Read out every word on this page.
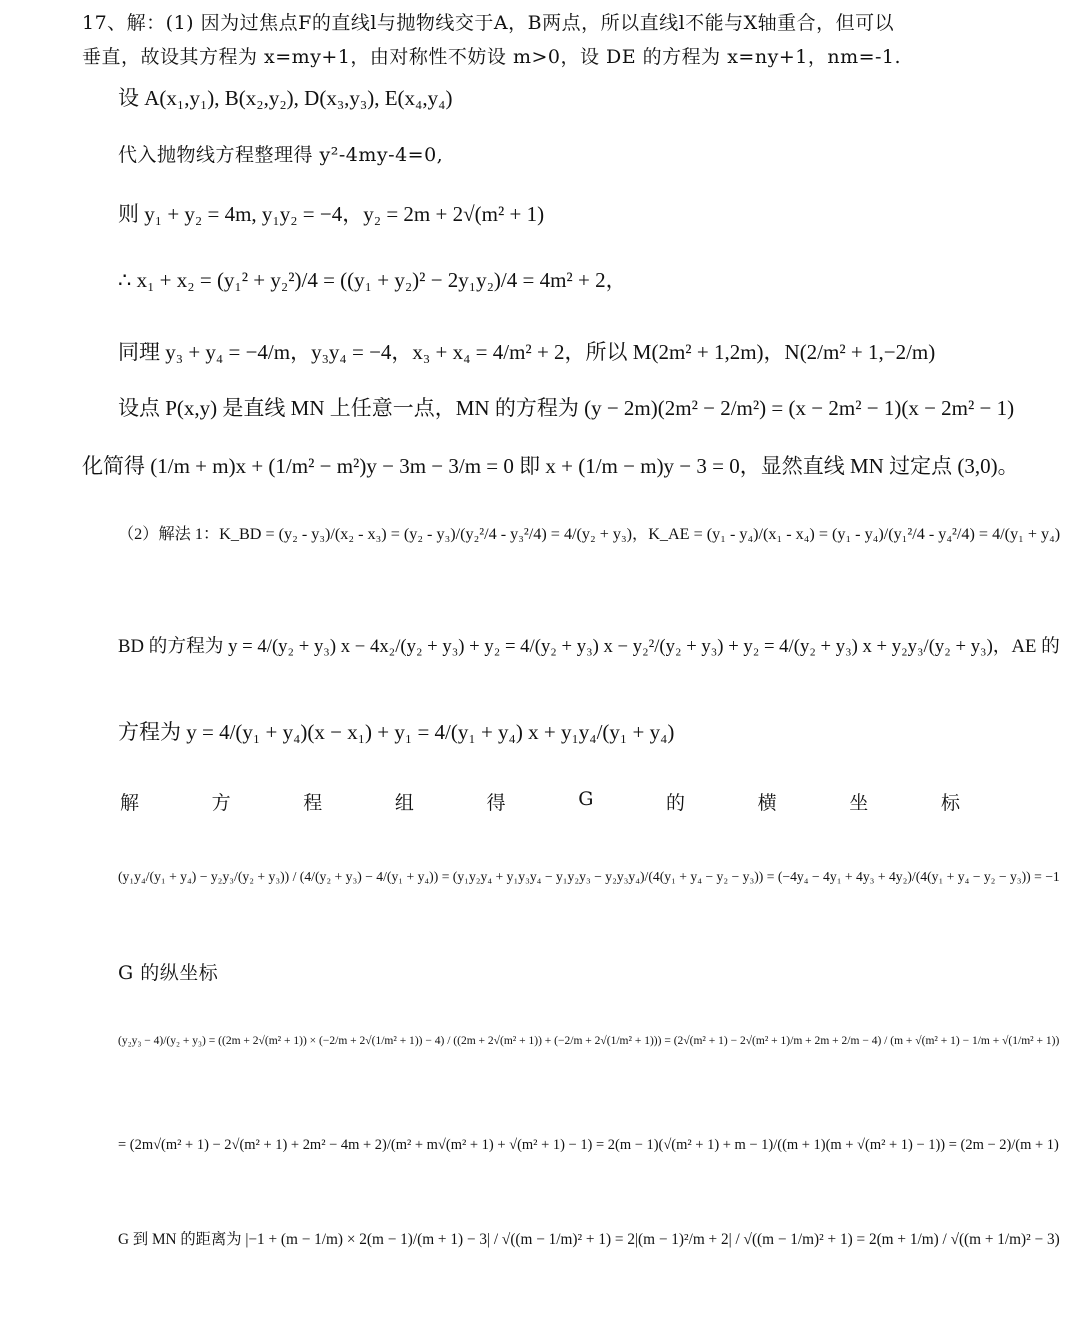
17、解：(1) 因为过焦点F的直线l与抛物线交于A，B两点，所以直线l不能与X轴重合，但可以
垂直，故设其方程为 x=my+1，由对称性不妨设 m>0，设 DE 的方程为 x=ny+1，nm=-1.
设 A(x₁,y₁), B(x₂,y₂), D(x₃,y₃), E(x₄,y₄)
代入抛物线方程整理得 y²-4my-4=0,
则 y₁ + y₂ = 4m, y₁y₂ = −4，y₂ = 2m + 2√(m² + 1)
∴ x₁ + x₂ = (y₁² + y₂²)/4 = ((y₁ + y₂)² − 2y₁y₂)/4 = 4m² + 2，
同理 y₃ + y₄ = −4/m，y₃y₄ = −4，x₃ + x₄ = 4/m² + 2，所以 M(2m² + 1,2m)，N(2/m² + 1,−2/m)
设点 P(x,y) 是直线 MN 上任意一点，MN 的方程为 (y − 2m)(2m² − 2/m²) = (x − 2m² − 1)(x − 2m² − 1)
化简得 (1/m + m)x + (1/m² − m²)y − 3m − 3/m = 0 即 x + (1/m − m)y − 3 = 0，显然直线 MN 过定点 (3,0)。
（2）解法 1：K_BD = (y₂ - y₃)/(x₂ - x₃) = (y₂ - y₃)/(y₂²/4 - y₃²/4) = 4/(y₂ + y₃)，K_AE = (y₁ - y₄)/(x₁ - x₄) = (y₁ - y₄)/(y₁²/4 - y₄²/4) = 4/(y₁ + y₄)
BD 的方程为 y = 4/(y₂ + y₃) x − 4x₂/(y₂ + y₃) + y₂ = 4/(y₂ + y₃) x − y₂²/(y₂ + y₃) + y₂ = 4/(y₂ + y₃) x + y₂y₃/(y₂ + y₃)，AE 的
方程为 y = 4/(y₁ + y₄)(x − x₁) + y₁ = 4/(y₁ + y₄) x + y₁y₄/(y₁ + y₄)
(y₁y₄/(y₁ + y₄) − y₂y₃/(y₂ + y₃)) / (4/(y₂ + y₃) − 4/(y₁ + y₄)) = (y₁y₂y₄ + y₁y₃y₄ − y₁y₂y₃ − y₂y₃y₄)/(4(y₁ + y₄ − y₂ − y₃)) = (−4y₄ − 4y₁ + 4y₃ + 4y₂)/(4(y₁ + y₄ − y₂ − y₃)) = −1
G 的纵坐标
(y₂y₃ − 4)/(y₂ + y₃) = ((2m + 2√(m² + 1)) × (−2/m + 2√(1/m² + 1)) − 4) / ((2m + 2√(m² + 1)) + (−2/m + 2√(1/m² + 1))) = (2√(m² + 1) − 2√(m² + 1)/m + 2m + 2/m − 4) / (m + √(m² + 1) − 1/m + √(1/m² + 1))
= (2m√(m² + 1) − 2√(m² + 1) + 2m² − 4m + 2)/(m² + m√(m² + 1) + √(m² + 1) − 1) = 2(m − 1)(√(m² + 1) + m − 1)/((m + 1)(m + √(m² + 1) − 1)) = (2m − 2)/(m + 1)
G 到 MN 的距离为 |−1 + (m − 1/m) × 2(m − 1)/(m + 1) − 3| / √((m − 1/m)² + 1) = 2|(m − 1)²/m + 2| / √((m − 1/m)² + 1) = 2(m + 1/m) / √((m + 1/m)² − 3)
解	方	程	组	得	G	的	横	坐	标
